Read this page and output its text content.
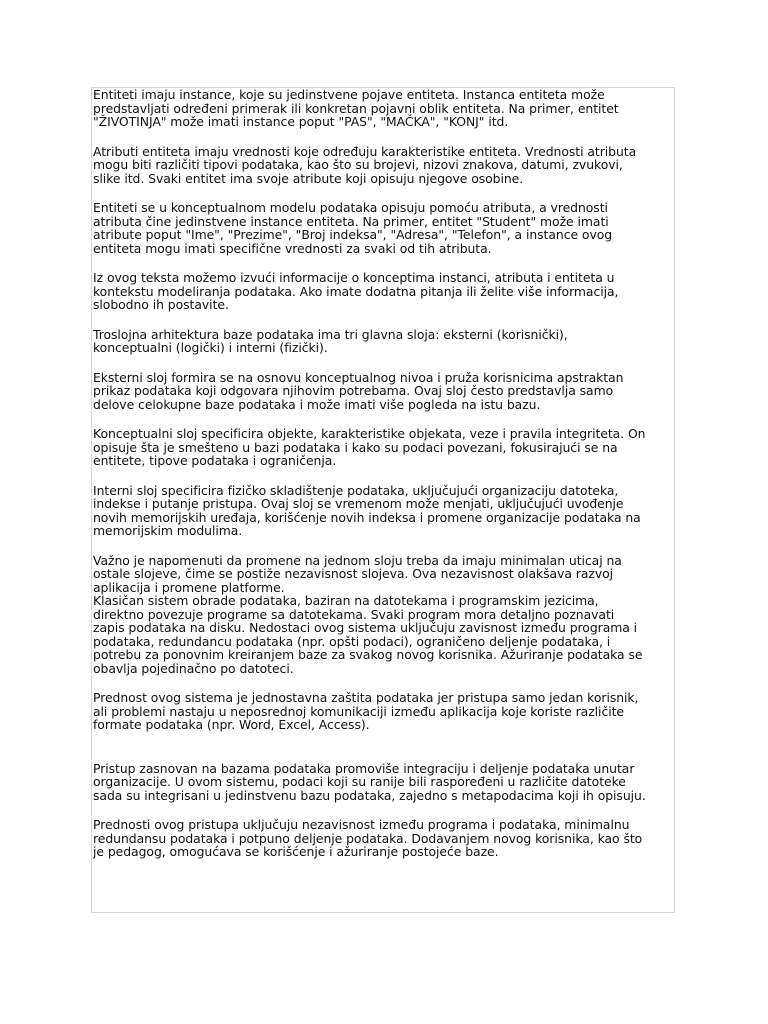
Entiteti imaju instance, koje su jedinstvene pojave entiteta. Instanca entiteta može
predstavljati određeni primerak ili konkretan pojavni oblik entiteta. Na primer, entitet
"ŽIVOTINJA" može imati instance poput "PAS", "MAČKA", "KONJ" itd.

Atributi entiteta imaju vrednosti koje određuju karakteristike entiteta. Vrednosti atributa
mogu biti različiti tipovi podataka, kao što su brojevi, nizovi znakova, datumi, zvukovi,
slike itd. Svaki entitet ima svoje atribute koji opisuju njegove osobine.

Entiteti se u konceptualnom modelu podataka opisuju pomoću atributa, a vrednosti
atributa čine jedinstvene instance entiteta. Na primer, entitet "Student" može imati
atribute poput "Ime", "Prezime", "Broj indeksa", "Adresa", "Telefon", a instance ovog
entiteta mogu imati specifične vrednosti za svaki od tih atributa.

Iz ovog teksta možemo izvući informacije o konceptima instanci, atributa i entiteta u
kontekstu modeliranja podataka. Ako imate dodatna pitanja ili želite više informacija,
slobodno ih postavite.

Troslojna arhitektura baze podataka ima tri glavna sloja: eksterni (korisnički),
konceptualni (logički) i interni (fizički).

Eksterni sloj formira se na osnovu konceptualnog nivoa i pruža korisnicima apstraktan
prikaz podataka koji odgovara njihovim potrebama. Ovaj sloj često predstavlja samo
delove celokupne baze podataka i može imati više pogleda na istu bazu.

Konceptualni sloj specificira objekte, karakteristike objekata, veze i pravila integriteta. On
opisuje šta je smešteno u bazi podataka i kako su podaci povezani, fokusirajući se na
entitete, tipove podataka i ograničenja.

Interni sloj specificira fizičko skladištenje podataka, uključujući organizaciju datoteka,
indekse i putanje pristupa. Ovaj sloj se vremenom može menjati, uključujući uvođenje
novih memorijskih uređaja, korišćenje novih indeksa i promene organizacije podataka na
memorijskim modulima.

Važno je napomenuti da promene na jednom sloju treba da imaju minimalan uticaj na
ostale slojeve, čime se postiže nezavisnost slojeva. Ova nezavisnost olakšava razvoj
aplikacija i promene platforme.

Klasičan sistem obrade podataka, baziran na datotekama i programskim jezicima,
direktno povezuje programe sa datotekama. Svaki program mora detaljno poznavati
zapis podataka na disku. Nedostaci ovog sistema uključuju zavisnost između programa i
podataka, redundancu podataka (npr. opšti podaci), ograničeno deljenje podataka, i
potrebu za ponovnim kreiranjem baze za svakog novog korisnika. Ažuriranje podataka se
obavlja pojedinačno po datoteci.

Prednost ovog sistema je jednostavna zaštita podataka jer pristupa samo jedan korisnik,
ali problemi nastaju u neposrednoj komunikaciji između aplikacija koje koriste različite
formate podataka (npr. Word, Excel, Access).

Pristup zasnovan na bazama podataka promoviše integraciju i deljenje podataka unutar
organizacije. U ovom sistemu, podaci koji su ranije bili raspoređeni u različite datoteke
sada su integrisani u jedinstvenu bazu podataka, zajedno s metapodacima koji ih opisuju.

Prednosti ovog pristupa uključuju nezavisnost između programa i podataka, minimalnu
redundansu podataka i potpuno deljenje podataka. Dodavanjem novog korisnika, kao što
je pedagog, omogućava se korišćenje i ažuriranje postojeće baze.
